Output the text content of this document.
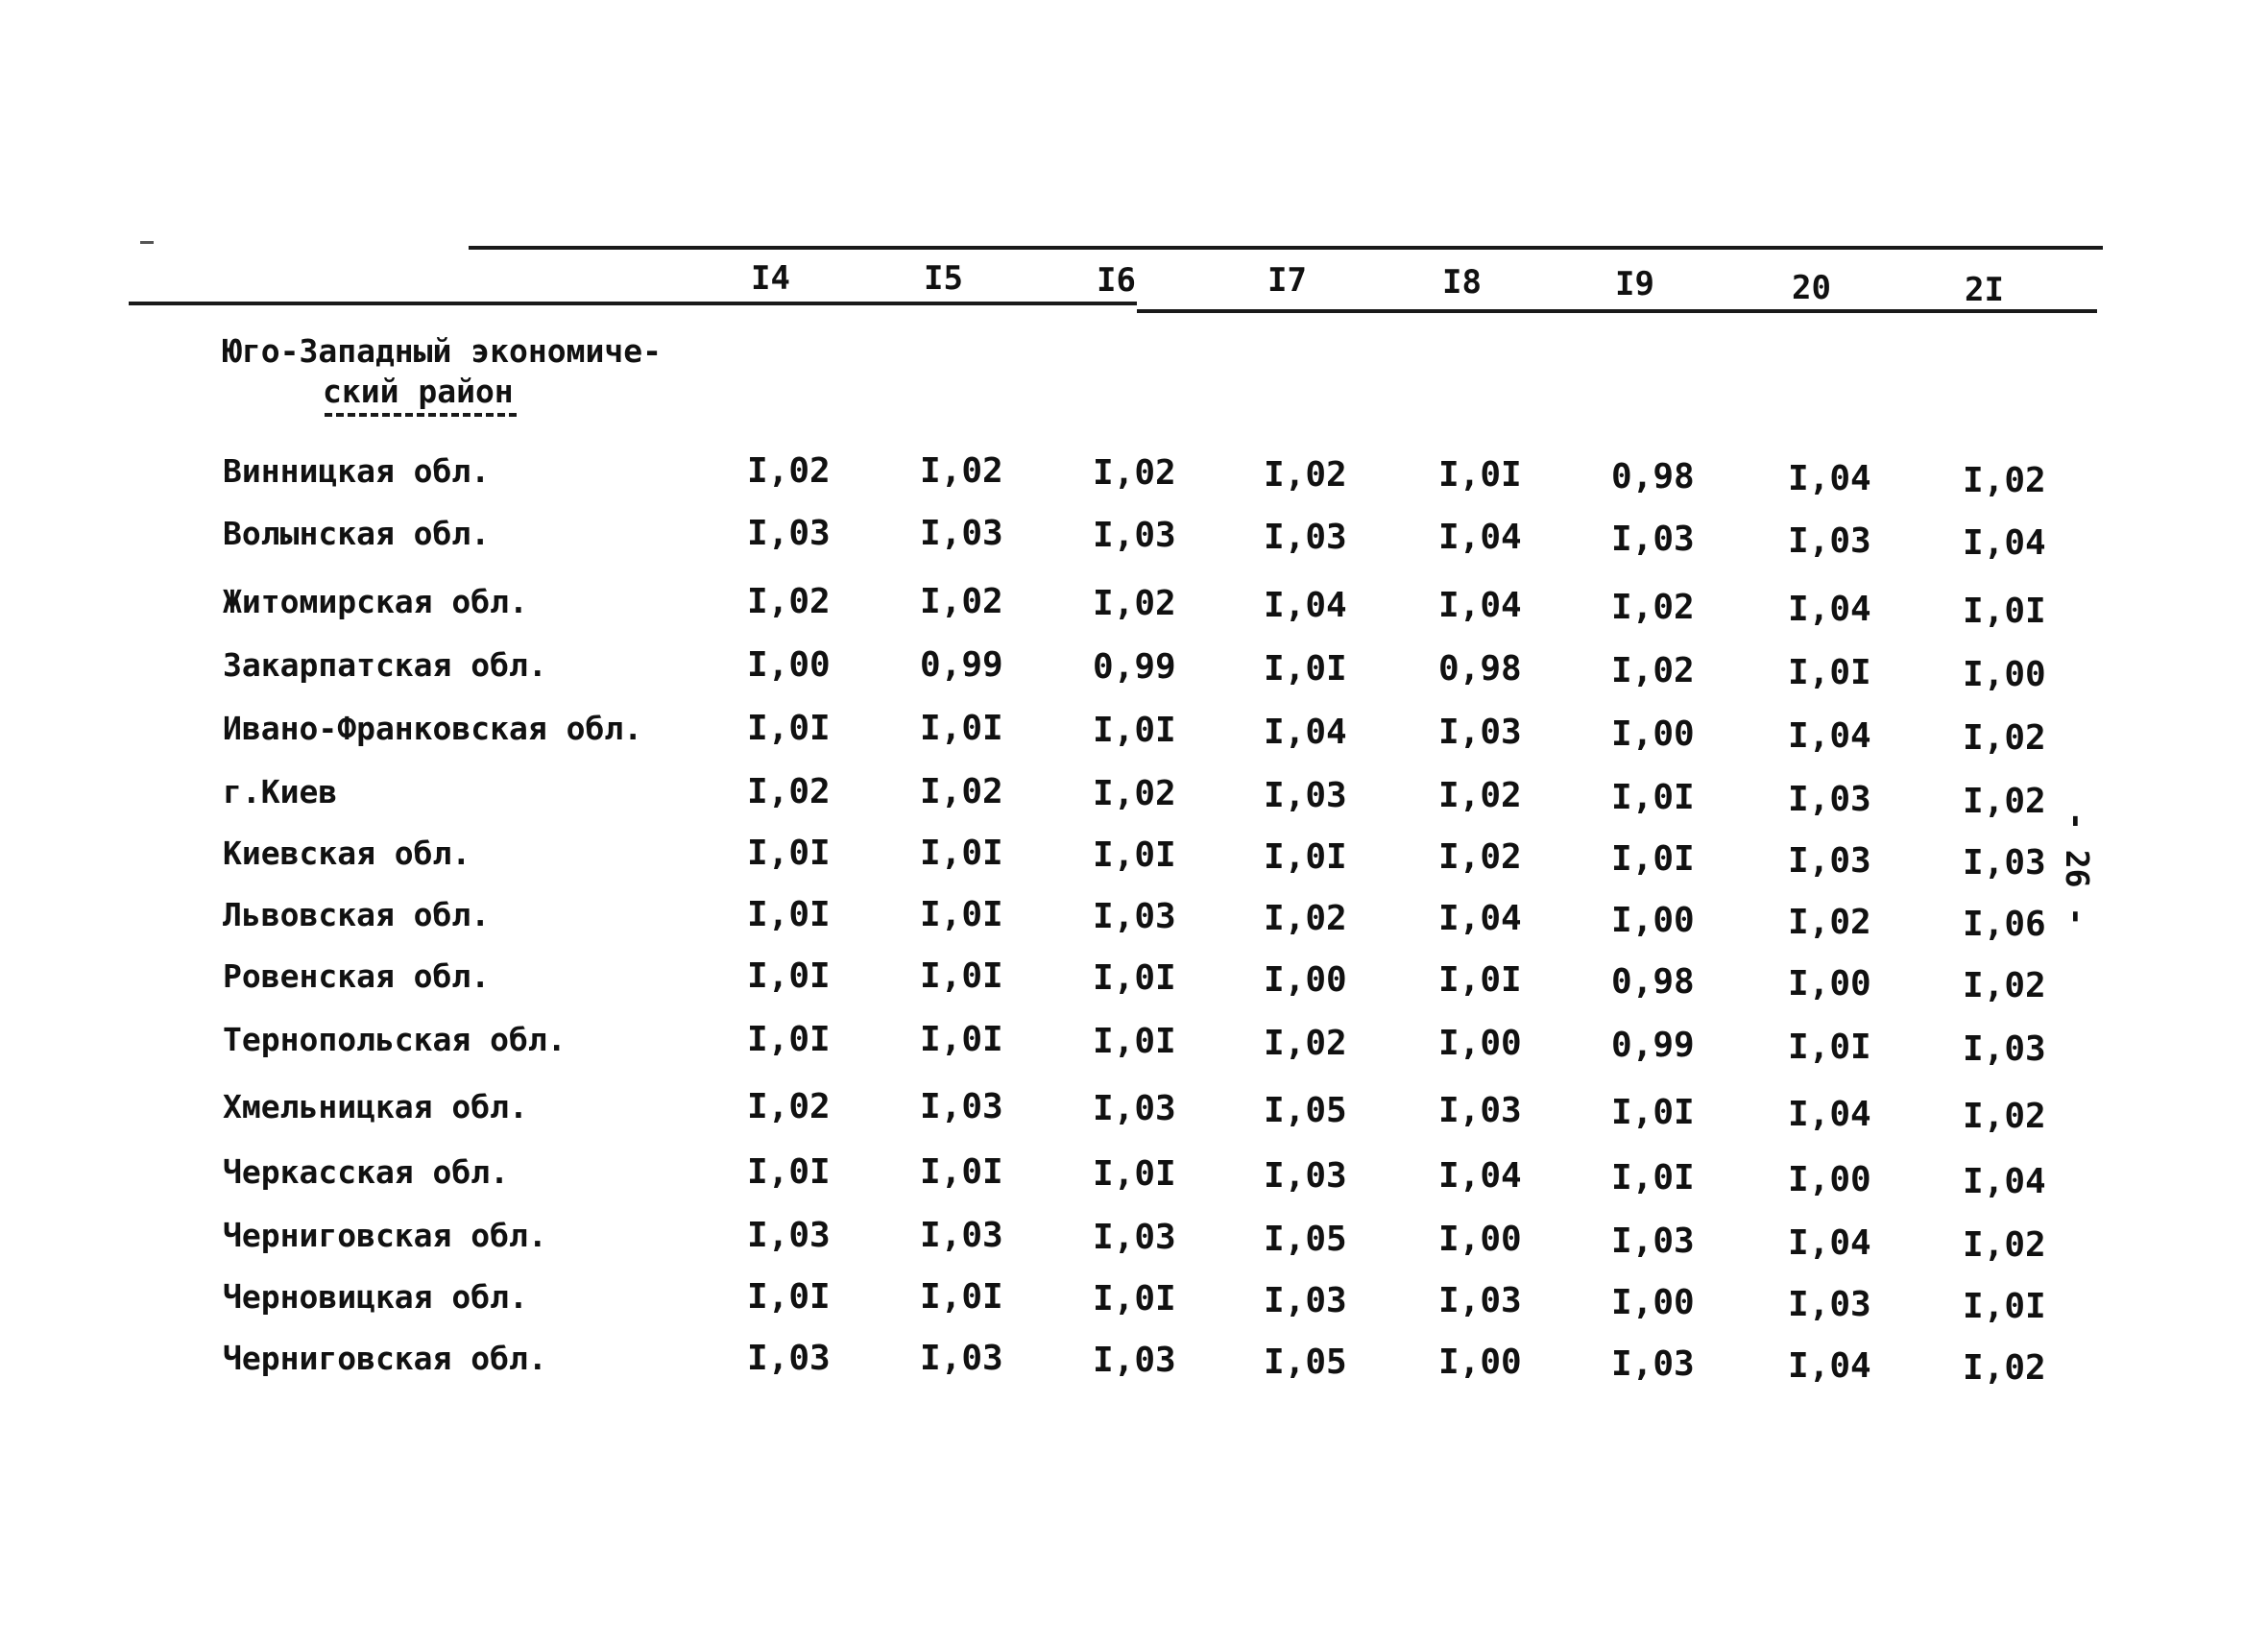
I4	I5	I6	I7	I8	I9	20	2I
Юго-Западный экономиче-
ский район
Винницкая обл.	I,02	I,02	I,02	I,02	I,0I	0,98	I,04	I,02
Волынская обл.	I,03	I,03	I,03	I,03	I,04	I,03	I,03	I,04
Житомирская обл.	I,02	I,02	I,02	I,04	I,04	I,02	I,04	I,0I
Закарпатская обл.	I,00	0,99	0,99	I,0I	0,98	I,02	I,0I	I,00
Ивано-Франковская обл.	I,0I	I,0I	I,0I	I,04	I,03	I,00	I,04	I,02
г.Киев	I,02	I,02	I,02	I,03	I,02	I,0I	I,03	I,02
Киевская обл.	I,0I	I,0I	I,0I	I,0I	I,02	I,0I	I,03	I,03
Львовская обл.	I,0I	I,0I	I,03	I,02	I,04	I,00	I,02	I,06
Ровенская обл.	I,0I	I,0I	I,0I	I,00	I,0I	0,98	I,00	I,02
Тернопольская обл.	I,0I	I,0I	I,0I	I,02	I,00	0,99	I,0I	I,03
Хмельницкая обл.	I,02	I,03	I,03	I,05	I,03	I,0I	I,04	I,02
Черкасская обл.	I,0I	I,0I	I,0I	I,03	I,04	I,0I	I,00	I,04
Черниговская обл.	I,03	I,03	I,03	I,05	I,00	I,03	I,04	I,02
Черновицкая обл.	I,0I	I,0I	I,0I	I,03	I,03	I,00	I,03	I,0I
Черниговская обл.	I,03	I,03	I,03	I,05	I,00	I,03	I,04	I,02
- 26 -
